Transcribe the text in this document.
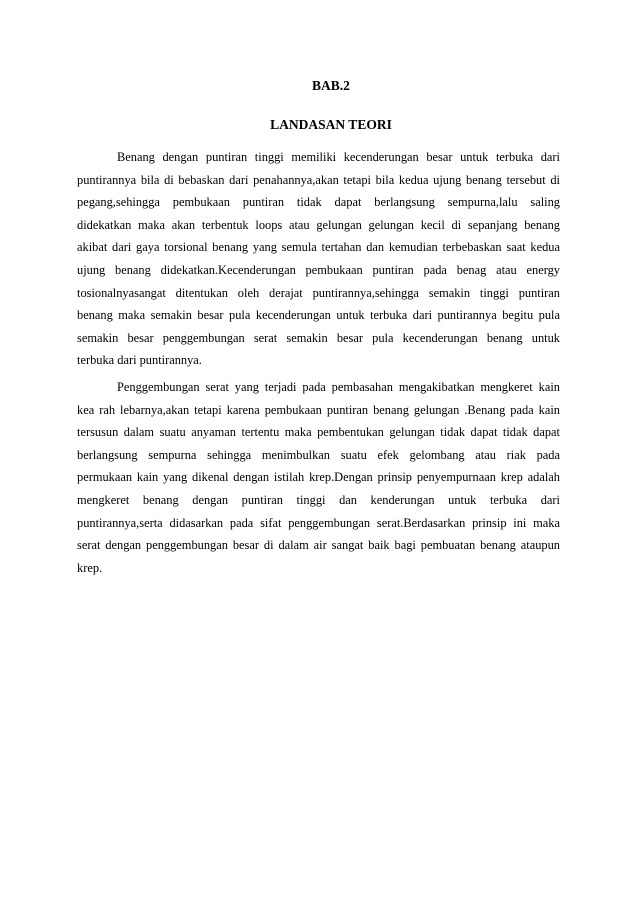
BAB.2
LANDASAN TEORI
Benang dengan puntiran tinggi memiliki kecenderungan besar untuk terbuka dari
puntirannya bila di bebaskan dari penahannya,akan tetapi bila kedua ujung benang tersebut di
pegang,sehingga pembukaan puntiran tidak dapat berlangsung sempurna,lalu saling
didekatkan maka akan terbentuk loops atau gelungan gelungan kecil di sepanjang benang
akibat dari gaya torsional benang yang semula tertahan dan kemudian terbebaskan saat kedua
ujung benang didekatkan.Kecenderungan pembukaan puntiran pada benag atau energy
tosionalnyasangat ditentukan oleh derajat puntirannya,sehingga semakin tinggi puntiran
benang maka semakin besar pula kecenderungan untuk terbuka dari puntirannya begitu pula
semakin besar penggembungan serat semakin besar pula kecenderungan benang untuk
terbuka dari puntirannya.
Penggembungan serat yang terjadi pada pembasahan mengakibatkan mengkeret kain
kea rah lebarnya,akan tetapi karena pembukaan puntiran benang gelungan .Benang pada kain
tersusun dalam suatu anyaman tertentu maka pembentukan gelungan tidak dapat tidak dapat
berlangsung sempurna sehingga menimbulkan suatu efek gelombang atau riak pada
permukaan kain yang dikenal dengan istilah krep.Dengan prinsip penyempurnaan krep adalah
mengkeret benang dengan puntiran tinggi dan kenderungan untuk terbuka dari
puntirannya,serta didasarkan pada sifat penggembungan serat.Berdasarkan prinsip ini maka
serat dengan penggembungan besar di dalam air sangat baik bagi pembuatan benang ataupun
krep.
